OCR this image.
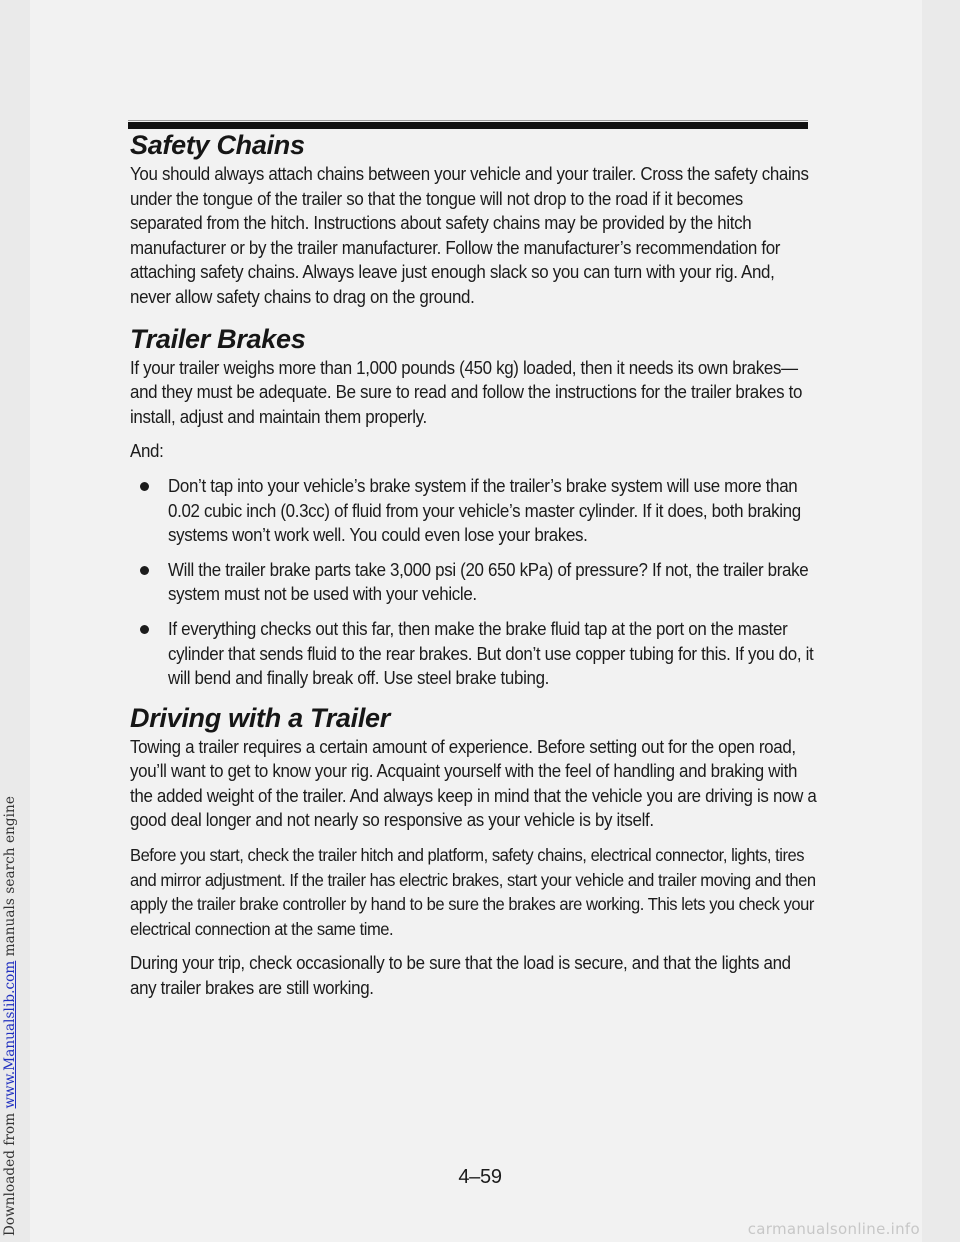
Downloaded from www.Manualslib.com manuals search engine
Safety Chains

You should always attach chains between your vehicle and your trailer. Cross the safety chains under the tongue of the trailer so that the tongue will not drop to the road if it becomes separated from the hitch. Instructions about safety chains may be provided by the hitch manufacturer or by the trailer manufacturer. Follow the manufacturer’s recommendation for attaching safety chains. Always leave just enough slack so you can turn with your rig. And, never allow safety chains to drag on the ground.

Trailer Brakes

If your trailer weighs more than 1,000 pounds (450 kg) loaded, then it needs its own brakes—and they must be adequate. Be sure to read and follow the instructions for the trailer brakes to install, adjust and maintain them properly.

And:

Don’t tap into your vehicle’s brake system if the trailer’s brake system will use more than 0.02 cubic inch (0.3cc) of fluid from your vehicle’s master cylinder. If it does, both braking systems won’t work well. You could even lose your brakes.

Will the trailer brake parts take 3,000 psi (20 650 kPa) of pressure? If not, the trailer brake system must not be used with your vehicle.

If everything checks out this far, then make the brake fluid tap at the port on the master cylinder that sends fluid to the rear brakes. But don’t use copper tubing for this. If you do, it will bend and finally break off. Use steel brake tubing.

Driving with a Trailer

Towing a trailer requires a certain amount of experience. Before setting out for the open road, you’ll want to get to know your rig. Acquaint yourself with the feel of handling and braking with the added weight of the trailer. And always keep in mind that the vehicle you are driving is now a good deal longer and not nearly so responsive as your vehicle is by itself.

Before you start, check the trailer hitch and platform, safety chains, electrical connector, lights, tires and mirror adjustment. If the trailer has electric brakes, start your vehicle and trailer moving and then apply the trailer brake controller by hand to be sure the brakes are working. This lets you check your electrical connection at the same time.

During your trip, check occasionally to be sure that the load is secure, and that the lights and any trailer brakes are still working.

4–59
carmanualsonline.info
